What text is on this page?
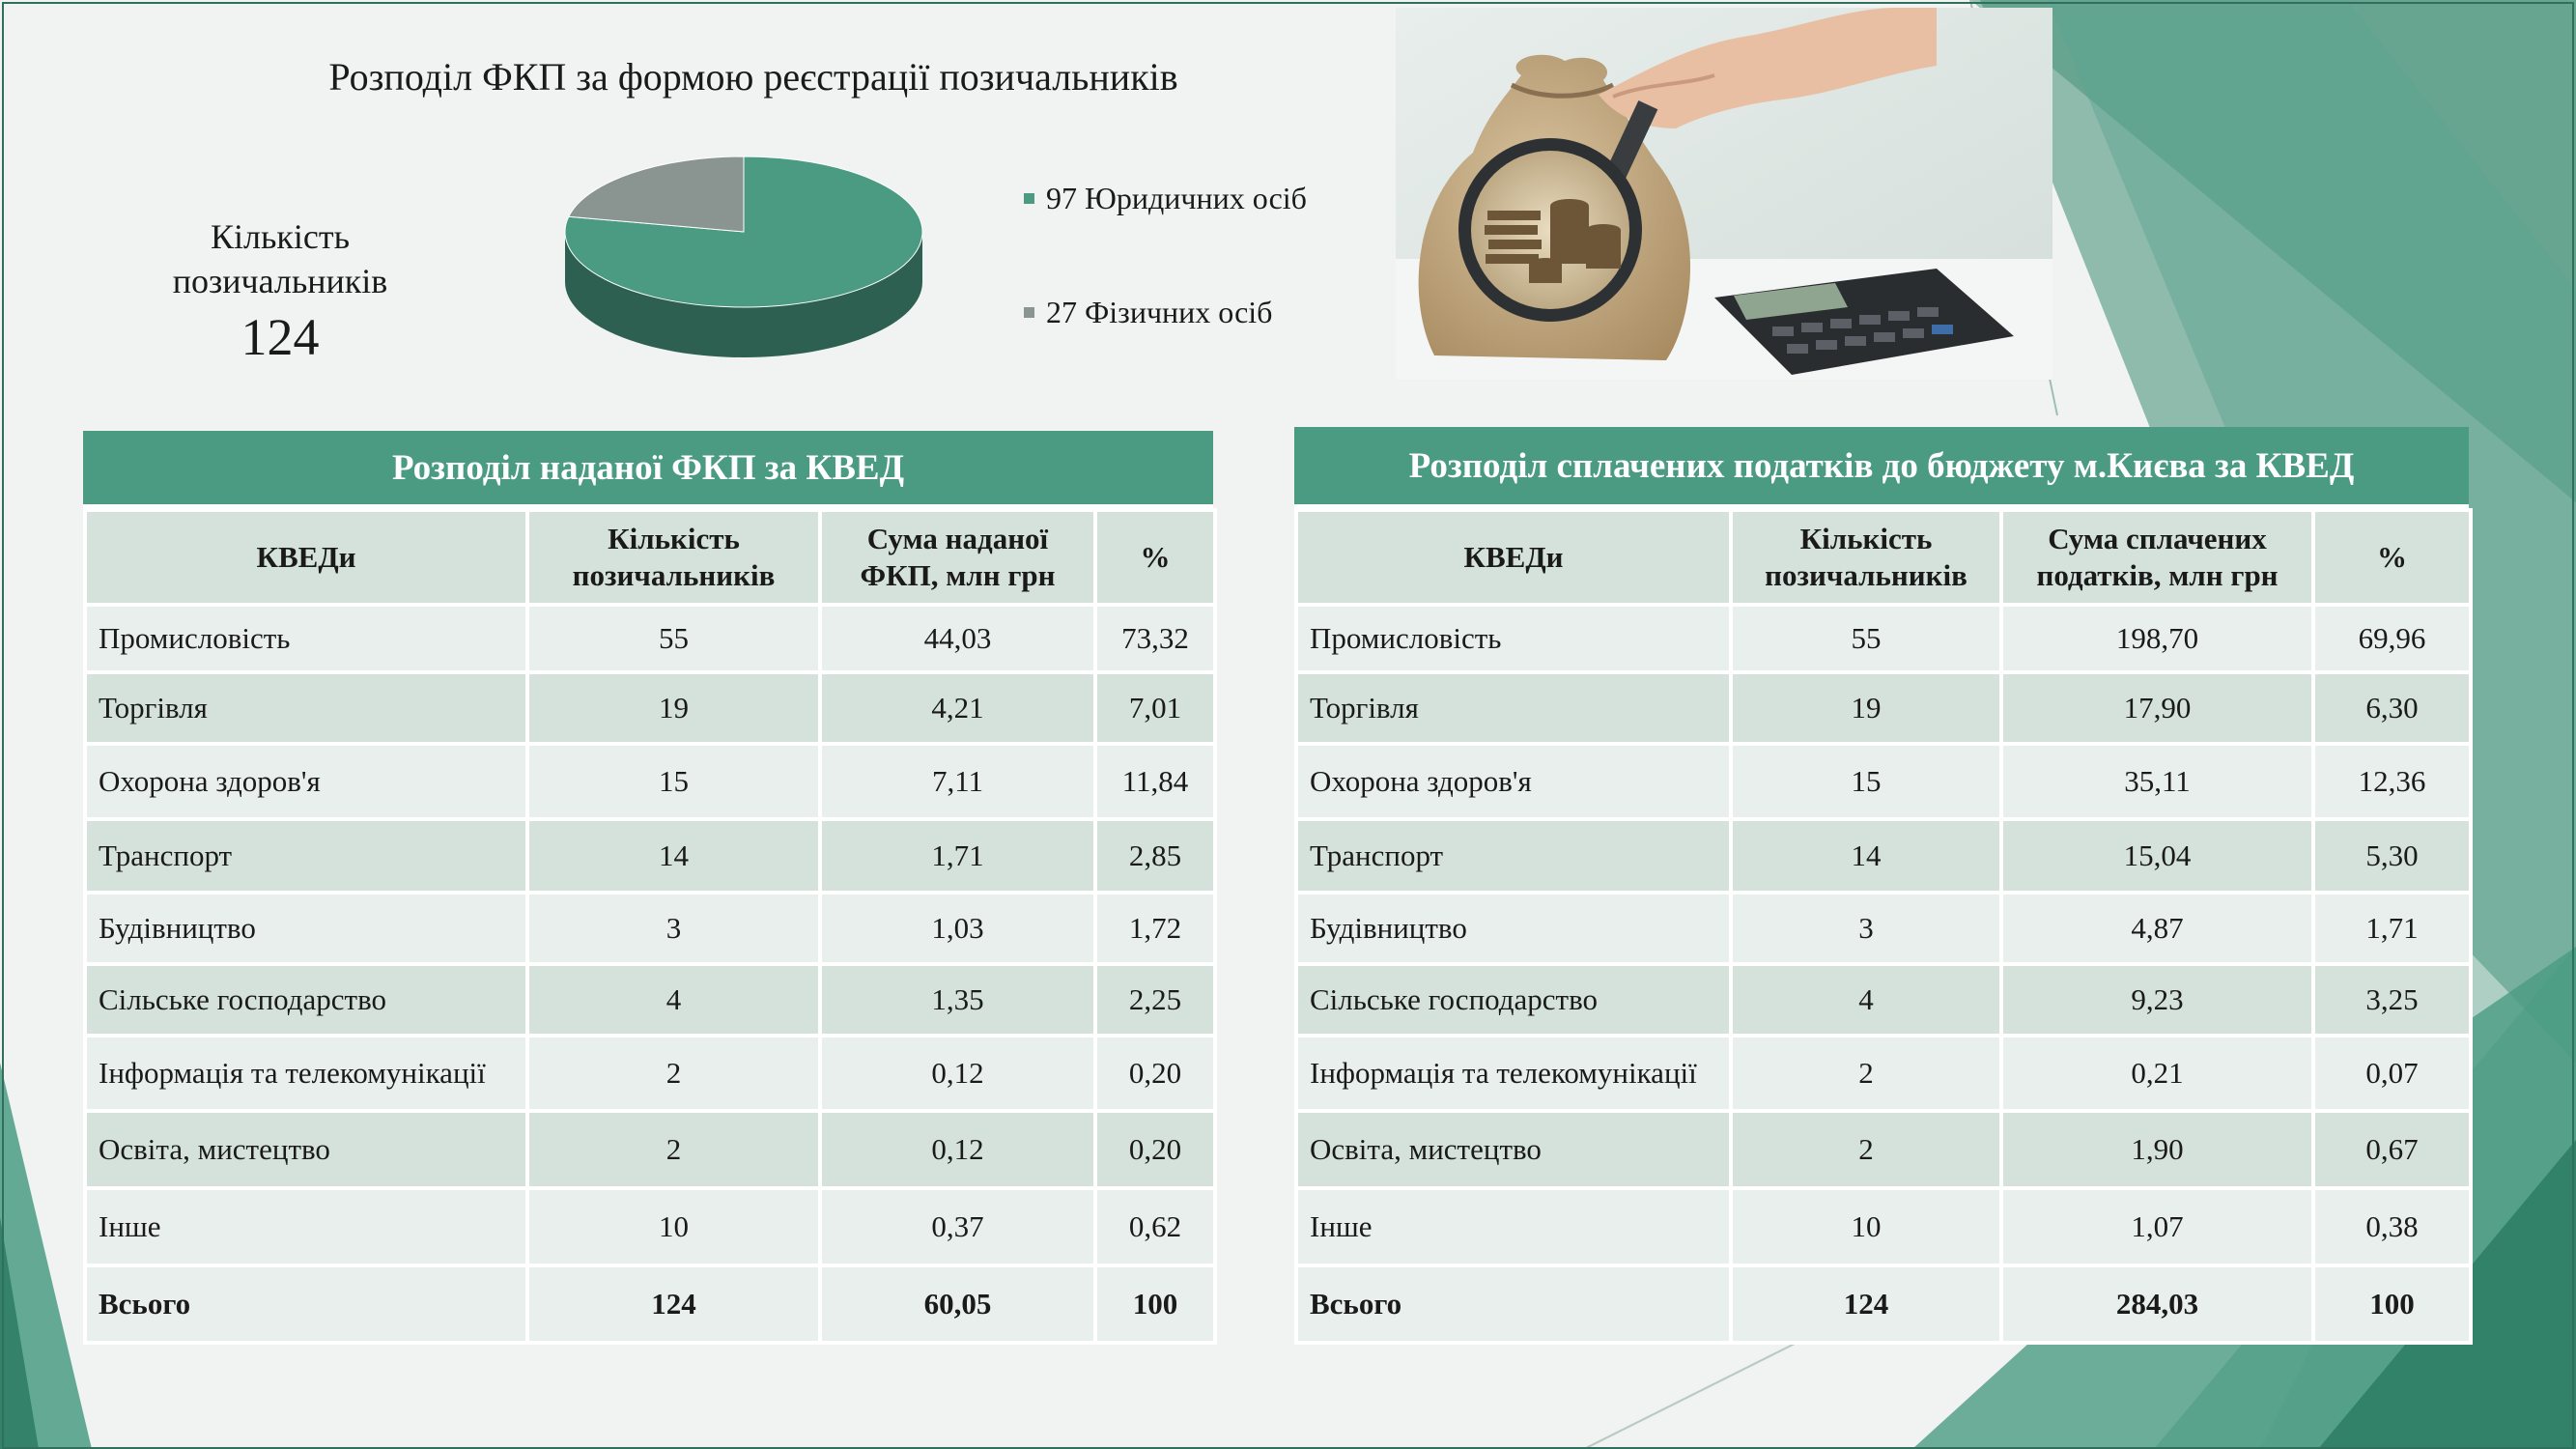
Розподіл ФКП за формою реєстрації позичальників
Кількість
позичальників
124
97 Юридичних осіб
27 Фізичних осіб
Розподіл наданої ФКП за КВЕД
КВЕДи	Кількість позичальників	Сума наданої ФКП, млн грн	%
Промисловість	55	44,03	73,32
Торгівля	19	4,21	7,01
Охорона здоров'я	15	7,11	11,84
Транспорт	14	1,71	2,85
Будівництво	3	1,03	1,72
Сільське господарство	4	1,35	2,25
Інформація та телекомунікації	2	0,12	0,20
Освіта, мистецтво	2	0,12	0,20
Інше	10	0,37	0,62
Всього	124	60,05	100
Розподіл сплачених податків до бюджету м.Києва за КВЕД
КВЕДи	Кількість позичальників	Сума сплачених податків, млн грн	%
Промисловість	55	198,70	69,96
Торгівля	19	17,90	6,30
Охорона здоров'я	15	35,11	12,36
Транспорт	14	15,04	5,30
Будівництво	3	4,87	1,71
Сільське господарство	4	9,23	3,25
Інформація та телекомунікації	2	0,21	0,07
Освіта, мистецтво	2	1,90	0,67
Інше	10	1,07	0,38
Всього	124	284,03	100
